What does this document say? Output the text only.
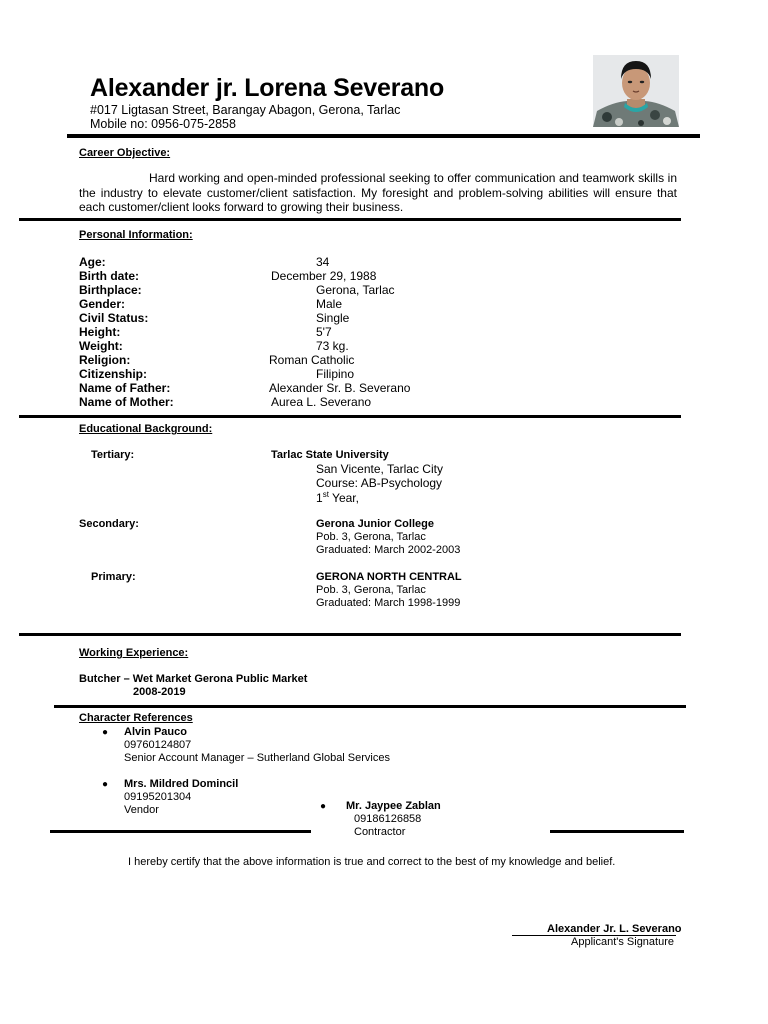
Alexander jr. Lorena Severano
#017 Ligtasan Street, Barangay Abagon, Gerona, Tarlac
Mobile no: 0956-075-2858
Career Objective:

Hard working and open-minded professional seeking to offer communication and teamwork skills in the industry to elevate customer/client satisfaction. My foresight and problem-solving abilities will ensure that each customer/client looks forward to growing their business.

Personal Information:
Age:	34
Birth date:	December 29, 1988
Birthplace:	Gerona, Tarlac
Gender:	Male
Civil Status:	Single
Height:	5'7
Weight:	73 kg.
Religion:	Roman Catholic
Citizenship:	Filipino
Name of Father:	Alexander Sr. B. Severano
Name of Mother:	Aurea L. Severano
Educational Background:
Tertiary:	Tarlac State University
San Vicente, Tarlac City
Course: AB-Psychology
1st Year,
Secondary:	Gerona Junior College
Pob. 3, Gerona, Tarlac
Graduated: March 2002-2003
Primary:	GERONA NORTH CENTRAL
Pob. 3, Gerona, Tarlac
Graduated: March 1998-1999
Working Experience:
Butcher – Wet Market Gerona Public Market
2008-2019
Character References
● Alvin Pauco
09760124807
Senior Account Manager – Sutherland Global Services
● Mrs. Mildred Domincil
09195201304
Vendor	● Mr. Jaypee Zablan
09186126858
Contractor
I hereby certify that the above information is true and correct to the best of my knowledge and belief.
Alexander Jr. L. Severano
Applicant's Signature
